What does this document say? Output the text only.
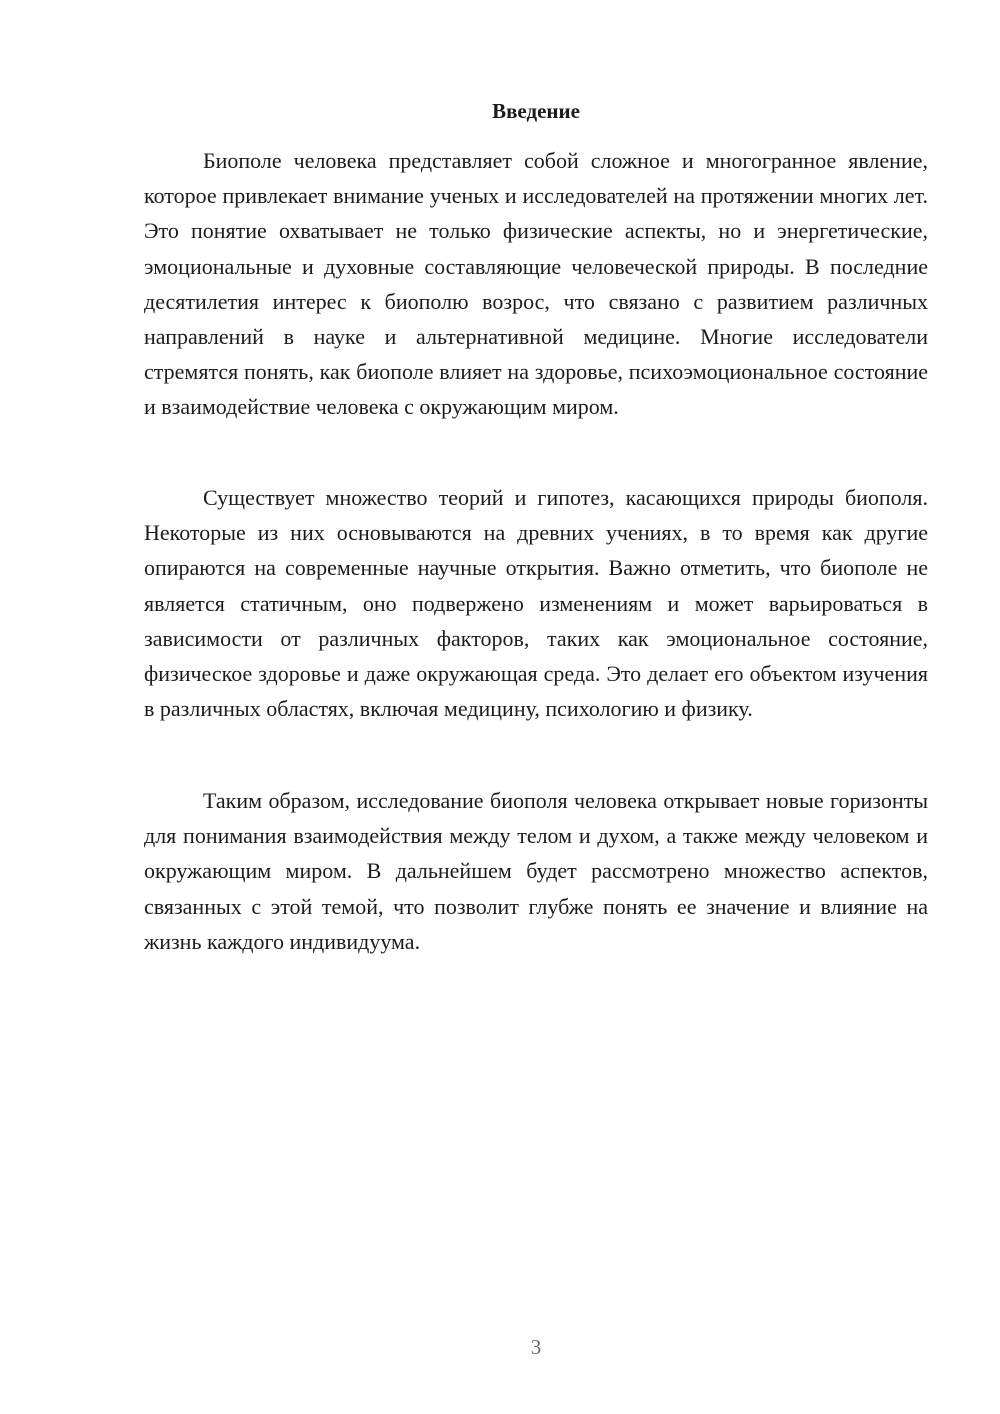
Введение

Биополе человека представляет собой сложное и многогранное явление, которое привлекает внимание ученых и исследователей на протяжении многих лет. Это понятие охватывает не только физические аспекты, но и энергетические, эмоциональные и духовные составляющие человеческой природы. В последние десятилетия интерес к биополю возрос, что связано с развитием различных направлений в науке и альтернативной медицине. Многие исследователи стремятся понять, как биополе влияет на здоровье, психоэмоциональное состояние и взаимодействие человека с окружающим миром.

Существует множество теорий и гипотез, касающихся природы биополя. Некоторые из них основываются на древних учениях, в то время как другие опираются на современные научные открытия. Важно отметить, что биополе не является статичным, оно подвержено изменениям и может варьироваться в зависимости от различных факторов, таких как эмоциональное состояние, физическое здоровье и даже окружающая среда. Это делает его объектом изучения в различных областях, включая медицину, психологию и физику.

Таким образом, исследование биополя человека открывает новые горизонты для понимания взаимодействия между телом и духом, а также между человеком и окружающим миром. В дальнейшем будет рассмотрено множество аспектов, связанных с этой темой, что позволит глубже понять ее значение и влияние на жизнь каждого индивидуума.

3
